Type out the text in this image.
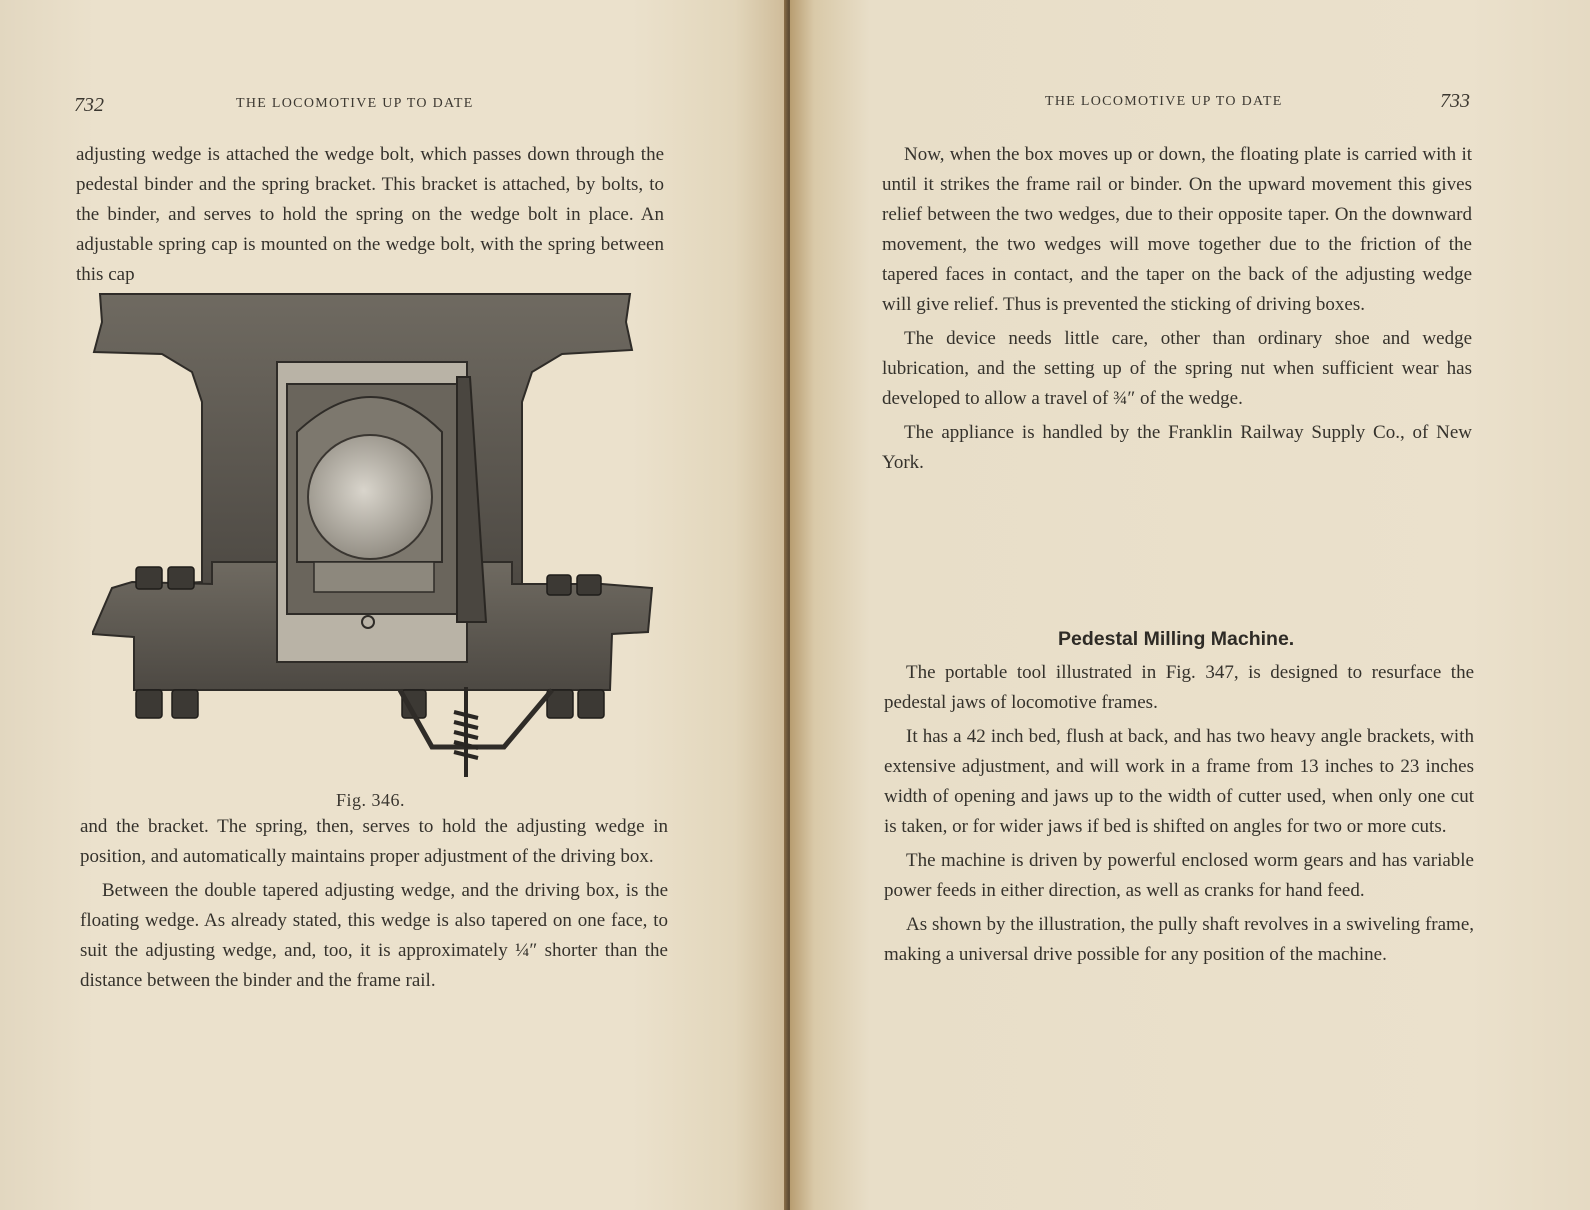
732	THE LOCOMOTIVE UP TO DATE

adjusting wedge is attached the wedge bolt, which passes down through the pedestal binder and the spring bracket. This bracket is attached, by bolts, to the binder, and serves to hold the spring on the wedge bolt in place. An adjustable spring cap is mounted on the wedge bolt, with the spring between this cap

Fig. 346.

and the bracket. The spring, then, serves to hold the adjusting wedge in position, and automatically maintains proper adjustment of the driving box.

Between the double tapered adjusting wedge, and the driving box, is the floating wedge. As already stated, this wedge is also tapered on one face, to suit the adjusting wedge, and, too, it is approximately ¼″ shorter than the distance between the binder and the frame rail.

THE LOCOMOTIVE UP TO DATE	733

Now, when the box moves up or down, the floating plate is carried with it until it strikes the frame rail or binder. On the upward movement this gives relief between the two wedges, due to their opposite taper. On the downward movement, the two wedges will move together due to the friction of the tapered faces in contact, and the taper on the back of the adjusting wedge will give relief. Thus is prevented the sticking of driving boxes.

The device needs little care, other than ordinary shoe and wedge lubrication, and the setting up of the spring nut when sufficient wear has developed to allow a travel of ¾″ of the wedge.

The appliance is handled by the Franklin Railway Supply Co., of New York.

Pedestal Milling Machine.

The portable tool illustrated in Fig. 347, is designed to resurface the pedestal jaws of locomotive frames.

It has a 42 inch bed, flush at back, and has two heavy angle brackets, with extensive adjustment, and will work in a frame from 13 inches to 23 inches width of opening and jaws up to the width of cutter used, when only one cut is taken, or for wider jaws if bed is shifted on angles for two or more cuts.

The machine is driven by powerful enclosed worm gears and has variable power feeds in either direction, as well as cranks for hand feed.

As shown by the illustration, the pully shaft revolves in a swiveling frame, making a universal drive possible for any position of the machine.
